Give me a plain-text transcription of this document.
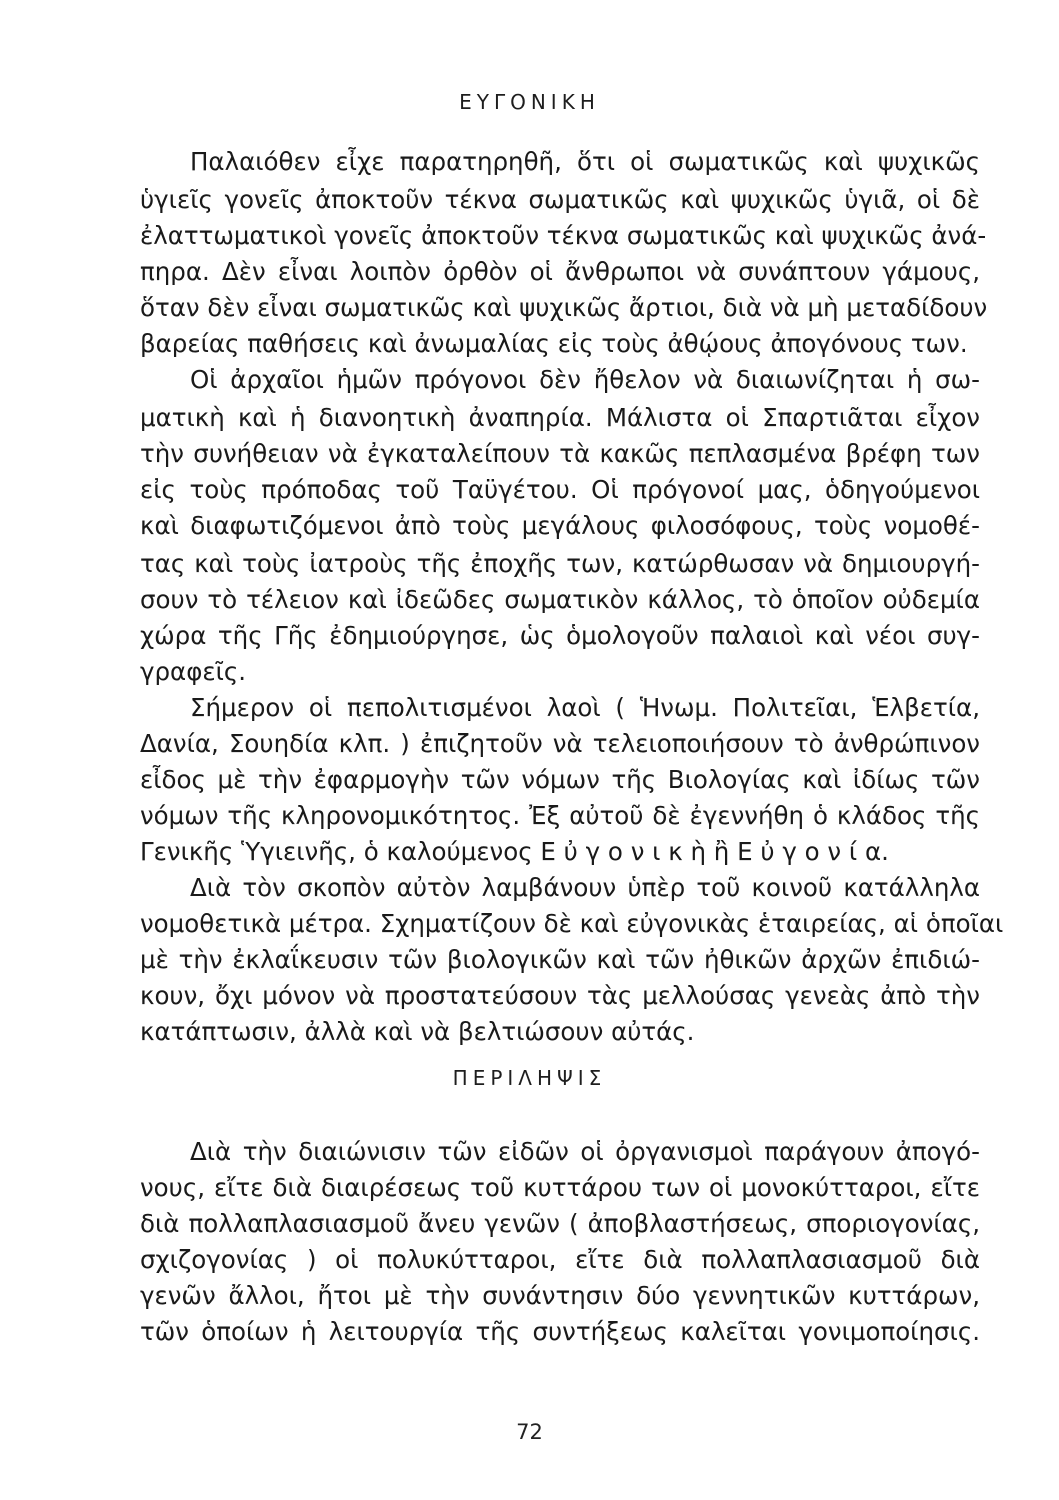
ΕΥΓΟΝΙΚΗ
Παλαιόθεν εἶχε παρατηρηθῆ, ὅτι οἱ σωματικῶς καὶ ψυχικῶς
ὑγιεῖς γονεῖς ἀποκτοῦν τέκνα σωματικῶς καὶ ψυχικῶς ὑγιᾶ, οἱ δὲ
ἐλαττωματικοὶ γονεῖς ἀποκτοῦν τέκνα σωματικῶς καὶ ψυχικῶς ἀνά-
πηρα. Δὲν εἶναι λοιπὸν ὀρθὸν οἱ ἄνθρωποι νὰ συνάπτουν γάμους,
ὅταν δὲν εἶναι σωματικῶς καὶ ψυχικῶς ἄρτιοι, διὰ νὰ μὴ μεταδίδουν
βαρείας παθήσεις καὶ ἀνωμαλίας εἰς τοὺς ἀθῴους ἀπογόνους των.
Οἱ ἀρχαῖοι ἡμῶν πρόγονοι δὲν ἤθελον νὰ διαιωνίζηται ἡ σω-
ματικὴ καὶ ἡ διανοητικὴ ἀναπηρία. Μάλιστα οἱ Σπαρτιᾶται εἶχον
τὴν συνήθειαν νὰ ἐγκαταλείπουν τὰ κακῶς πεπλασμένα βρέφη των
εἰς τοὺς πρόποδας τοῦ Ταϋγέτου. Οἱ πρόγονοί μας, ὁδηγούμενοι
καὶ διαφωτιζόμενοι ἀπὸ τοὺς μεγάλους φιλοσόφους, τοὺς νομοθέ-
τας καὶ τοὺς ἰατροὺς τῆς ἐποχῆς των, κατώρθωσαν νὰ δημιουργή-
σουν τὸ τέλειον καὶ ἰδεῶδες σωματικὸν κάλλος, τὸ ὁποῖον οὐδεμία
χώρα τῆς Γῆς ἐδημιούργησε, ὡς ὁμολογοῦν παλαιοὶ καὶ νέοι συγ-
γραφεῖς.
Σήμερον οἱ πεπολιτισμένοι λαοὶ ( Ἡνωμ. Πολιτεῖαι, Ἑλβετία,
Δανία, Σουηδία κλπ. ) ἐπιζητοῦν νὰ τελειοποιήσουν τὸ ἀνθρώπινον
εἶδος μὲ τὴν ἐφαρμογὴν τῶν νόμων τῆς Βιολογίας καὶ ἰδίως τῶν
νόμων τῆς κληρονομικότητος. Ἐξ αὐτοῦ δὲ ἐγεννήθη ὁ κλάδος τῆς
Γενικῆς Ὑγιεινῆς, ὁ καλούμενος Ε ὐ γ ο ν ι κ ὴ ἢ Ε ὐ γ ο ν ί α.
Διὰ τὸν σκοπὸν αὐτὸν λαμβάνουν ὑπὲρ τοῦ κοινοῦ κατάλληλα
νομοθετικὰ μέτρα. Σχηματίζουν δὲ καὶ εὐγονικὰς ἑταιρείας, αἱ ὁποῖαι
μὲ τὴν ἐκλαΐκευσιν τῶν βιολογικῶν καὶ τῶν ἠθικῶν ἀρχῶν ἐπιδιώ-
κουν, ὄχι μόνον νὰ προστατεύσουν τὰς μελλούσας γενεὰς ἀπὸ τὴν
κατάπτωσιν, ἀλλὰ καὶ νὰ βελτιώσουν αὐτάς.
ΠΕΡΙΛΗΨΙΣ
Διὰ τὴν διαιώνισιν τῶν εἰδῶν οἱ ὀργανισμοὶ παράγουν ἀπογό-
νους, εἴτε διὰ διαιρέσεως τοῦ κυττάρου των οἱ μονοκύτταροι, εἴτε
διὰ πολλαπλασιασμοῦ ἄνευ γενῶν ( ἀποβλαστήσεως, σποριογονίας,
σχιζογονίας ) οἱ πολυκύτταροι, εἴτε διὰ πολλαπλασιασμοῦ διὰ
γενῶν ἄλλοι, ἤτοι μὲ τὴν συνάντησιν δύο γεννητικῶν κυττάρων,
τῶν ὁποίων ἡ λειτουργία τῆς συντήξεως καλεῖται γονιμοποίησις.
72
